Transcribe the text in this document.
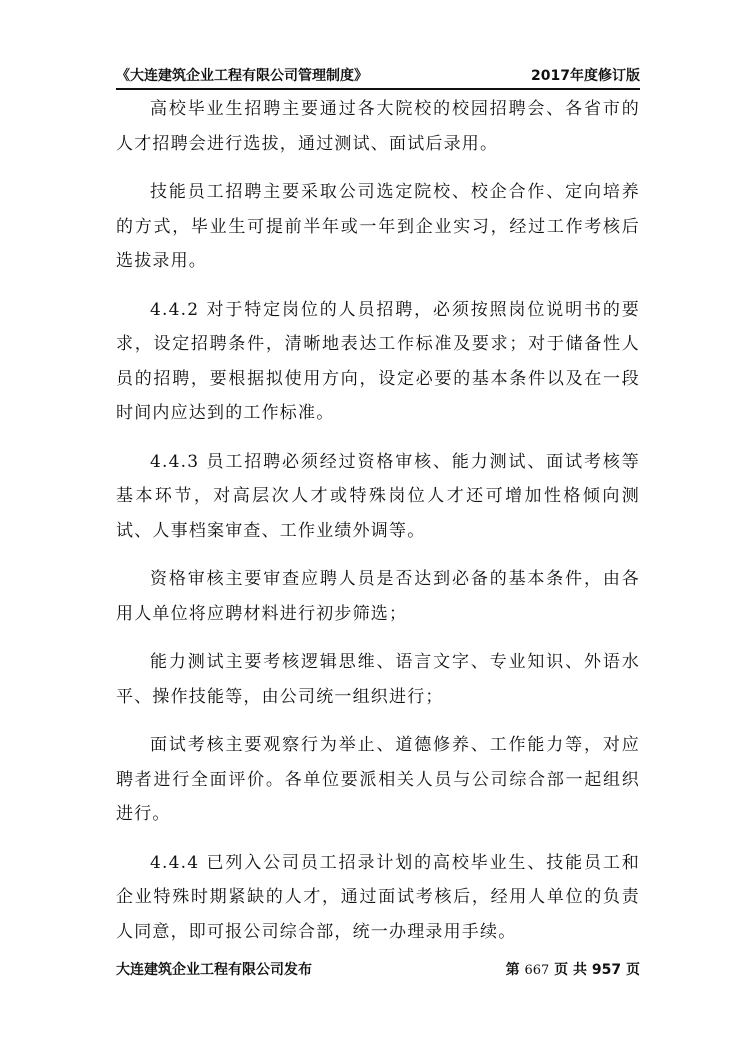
《大连建筑企业工程有限公司管理制度》	2017年度修订版

高校毕业生招聘主要通过各大院校的校园招聘会、各省市的人才招聘会进行选拔，通过测试、面试后录用。

技能员工招聘主要采取公司选定院校、校企合作、定向培养的方式，毕业生可提前半年或一年到企业实习，经过工作考核后选拔录用。

4.4.2 对于特定岗位的人员招聘，必须按照岗位说明书的要求，设定招聘条件，清晰地表达工作标准及要求；对于储备性人员的招聘，要根据拟使用方向，设定必要的基本条件以及在一段时间内应达到的工作标准。

4.4.3 员工招聘必须经过资格审核、能力测试、面试考核等基本环节，对高层次人才或特殊岗位人才还可增加性格倾向测试、人事档案审查、工作业绩外调等。

资格审核主要审查应聘人员是否达到必备的基本条件，由各用人单位将应聘材料进行初步筛选；

能力测试主要考核逻辑思维、语言文字、专业知识、外语水平、操作技能等，由公司统一组织进行；

面试考核主要观察行为举止、道德修养、工作能力等，对应聘者进行全面评价。各单位要派相关人员与公司综合部一起组织进行。

4.4.4 已列入公司员工招录计划的高校毕业生、技能员工和企业特殊时期紧缺的人才，通过面试考核后，经用人单位的负责人同意，即可报公司综合部，统一办理录用手续。

大连建筑企业工程有限公司发布	第 667 页 共 957 页
